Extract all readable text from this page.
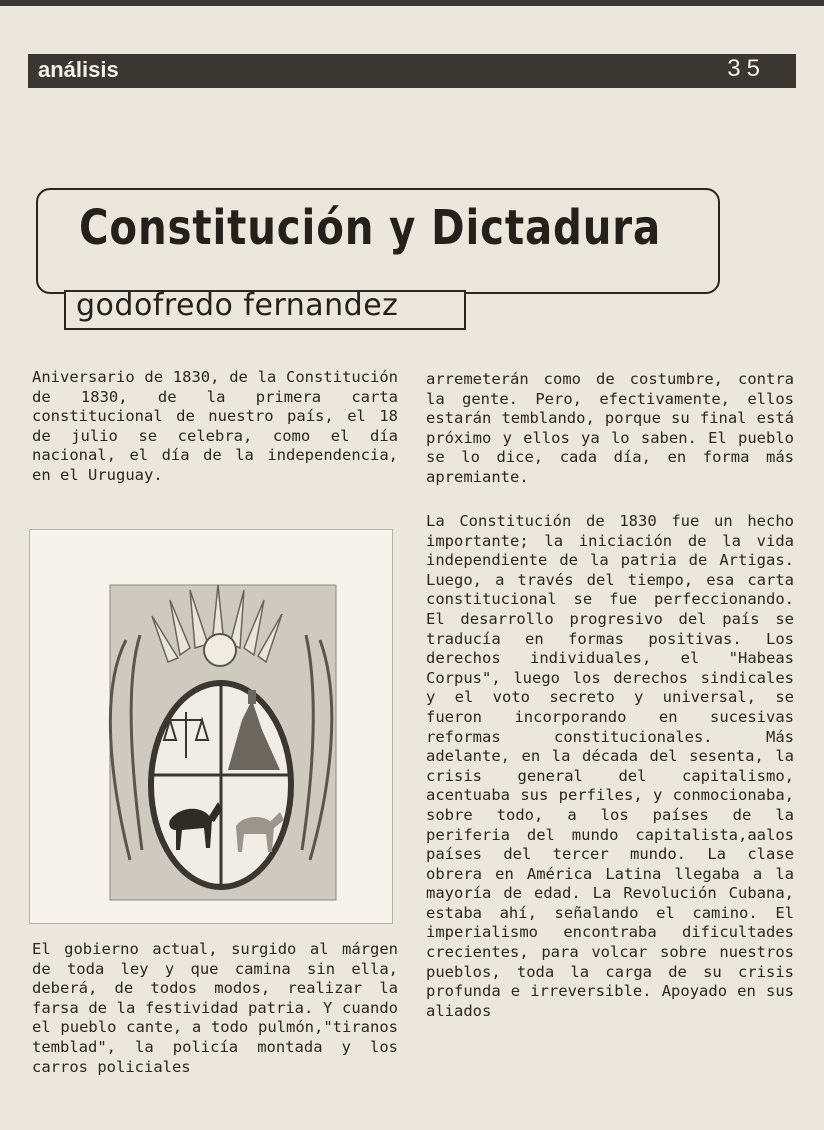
análisis	35
Constitución y Dictadura
godofredo fernandez

Aniversario de 1830, de la Constitución de 1830, de la primera carta constitucional de nuestro país, el 18 de julio se celebra, como el día nacional, el día de la independencia, en el Uruguay.

El gobierno actual, surgido al márgen de toda ley y que camina sin ella, deberá, de todos modos, realizar la farsa de la festividad patria. Y cuando el pueblo cante, a todo pulmón,"tiranos temblad", la policía montada y los carros policiales

arremeterán como de costumbre, contra la gente. Pero, efectivamente, ellos estarán temblando, porque su final está próximo y ellos ya lo saben. El pueblo se lo dice, cada día, en forma más apremiante.

La Constitución de 1830 fue un hecho importante; la iniciación de la vida independiente de la patria de Artigas. Luego, a través del tiempo, esa carta constitucional se fue perfeccionando. El desarrollo progresivo del país se traducía en formas positivas. Los derechos individuales, el "Habeas Corpus", luego los derechos sindicales y el voto secreto y universal, se fueron incorporando en sucesivas reformas constitucionales. Más adelante, en la década del sesenta, la crisis general del capitalismo, acentuaba sus perfiles, y conmocionaba, sobre todo, a los países de la periferia del mundo capitalista,aalos países del tercer mundo. La clase obrera en América Latina llegaba a la mayoría de edad. La Revolución Cubana, estaba ahí, señalando el camino. El imperialismo encontraba dificultades crecientes, para volcar sobre nuestros pueblos, toda la carga de su crisis profunda e irreversible. Apoyado en sus aliados
